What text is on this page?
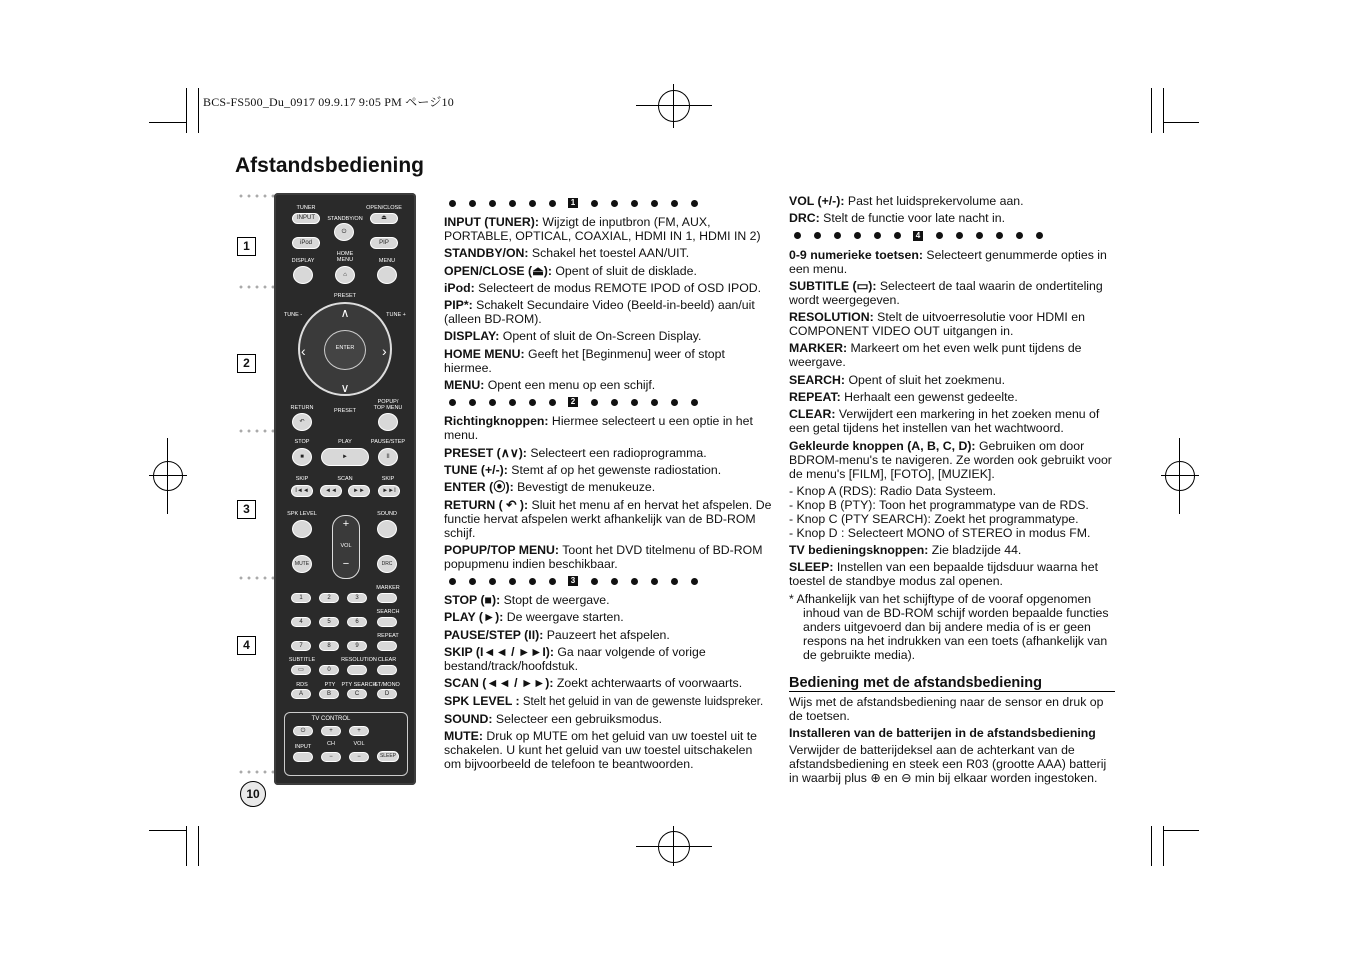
BCS-FS500_Du_0917 09.9.17 9:05 PM ページ10
Afstandsbediening
1
2
3
4
TUNER
INPUT	STANDBY/ON
⏻
OPEN/CLOSE
⏏
iPod	PIP
HOME MENU
DISPLAY
⌂
MENU
PRESET
TUNE -	TUNE +
∧
∨
‹	›
ENTER
RETURN
↶
PRESET
POPUP/ TOP MENU
STOP
■
PLAY
►
PAUSE/STEP
II
SKIP
I◄◄
SCAN
◄◄	►►
SKIP
►►I
SPK LEVEL	SOUND
+
VOL
−
MUTE	DRC
MARKER
1	2	3
SEARCH
4	5	6
REPEAT
7	8	9
SUBTITLE	RESOLUTION CLEAR
▭	0
RDS	PTY PTY SEARCH
ST/MONO
A	B	C	D
TV CONTROL
⏻
INPUT
+
CH
−
+
VOL
−	SLEEP
10
1

INPUT (TUNER): Wijzigt de inputbron (FM, AUX, PORTABLE, OPTICAL, COAXIAL, HDMI IN 1, HDMI IN 2)

STANDBY/ON: Schakel het toestel AAN/UIT.

OPEN/CLOSE (⏏): Opent of sluit de disklade.

iPod: Selecteert de modus REMOTE IPOD of OSD IPOD.

PIP*: Schakelt Secundaire Video (Beeld-in-beeld) aan/uit (alleen BD-ROM).

DISPLAY: Opent of sluit de On-Screen Display.

HOME MENU: Geeft het [Beginmenu] weer of stopt hiermee.

MENU: Opent een menu op een schijf.

2

Richtingknoppen: Hiermee selecteert u een optie in het menu.

PRESET (∧∨): Selecteert een radioprogramma.

TUNE (+/-): Stemt af op het gewenste radiostation.

ENTER (⦿): Bevestigt de menukeuze.

RETURN ( ↶ ): Sluit het menu af en hervat het afspelen. De functie hervat afspelen werkt afhankelijk van de BD-ROM schijf.

POPUP/TOP MENU: Toont het DVD titelmenu of BD-ROM popupmenu indien beschikbaar.

3

STOP (■): Stopt de weergave.

PLAY (►): De weergave starten.

PAUSE/STEP (II): Pauzeert het afspelen.

SKIP (I◄◄ / ►►I): Ga naar volgende of vorige bestand/track/hoofdstuk.

SCAN (◄◄ / ►►): Zoekt achterwaarts of voorwaarts.

SPK LEVEL : Stelt het geluid in van de gewenste luidspreker.

SOUND: Selecteer een gebruiksmodus.

MUTE: Druk op MUTE om het geluid van uw toestel uit te schakelen. U kunt het geluid van uw toestel uitschakelen om bijvoorbeeld de telefoon te beantwoorden.

VOL (+/-): Past het luidsprekervolume aan.

DRC: Stelt de functie voor late nacht in.

4

0-9 numerieke toetsen: Selecteert genummerde opties in een menu.

SUBTITLE (▭): Selecteert de taal waarin de ondertiteling wordt weergegeven.

RESOLUTION: Stelt de uitvoerresolutie voor HDMI en COMPONENT VIDEO OUT uitgangen in.

MARKER: Markeert om het even welk punt tijdens de weergave.

SEARCH: Opent of sluit het zoekmenu.

REPEAT: Herhaalt een gewenst gedeelte.

CLEAR: Verwijdert een markering in het zoeken menu of een getal tijdens het instellen van het wachtwoord.

Gekleurde knoppen (A, B, C, D): Gebruiken om door BDROM-menu's te navigeren. Ze worden ook gebruikt voor de menu's [FILM], [FOTO], [MUZIEK].

- Knop A (RDS): Radio Data Systeem.
- Knop B (PTY): Toon het programmatype van de RDS.
- Knop C (PTY SEARCH): Zoekt het programmatype.
- Knop D : Selecteert MONO of STEREO in modus FM.

TV bedieningsknoppen: Zie bladzijde 44.

SLEEP: Instellen van een bepaalde tijdsduur waarna het toestel de standbye modus zal openen.

* Afhankelijk van het schijftype of de vooraf opgenomen inhoud van de BD-ROM schijf worden bepaalde functies anders uitgevoerd dan bij andere media of is er geen respons na het indrukken van een toets (afhankelijk van de gebruikte media).

Bediening met de afstandsbediening

Wijs met de afstandsbediening naar de sensor en druk op de toetsen.

Installeren van de batterijen in de afstandsbediening

Verwijder de batterijdeksel aan de achterkant van de afstandsbediening en steek een R03 (grootte AAA) batterij in waarbij plus ⊕ en ⊖ min bij elkaar worden ingestoken.
